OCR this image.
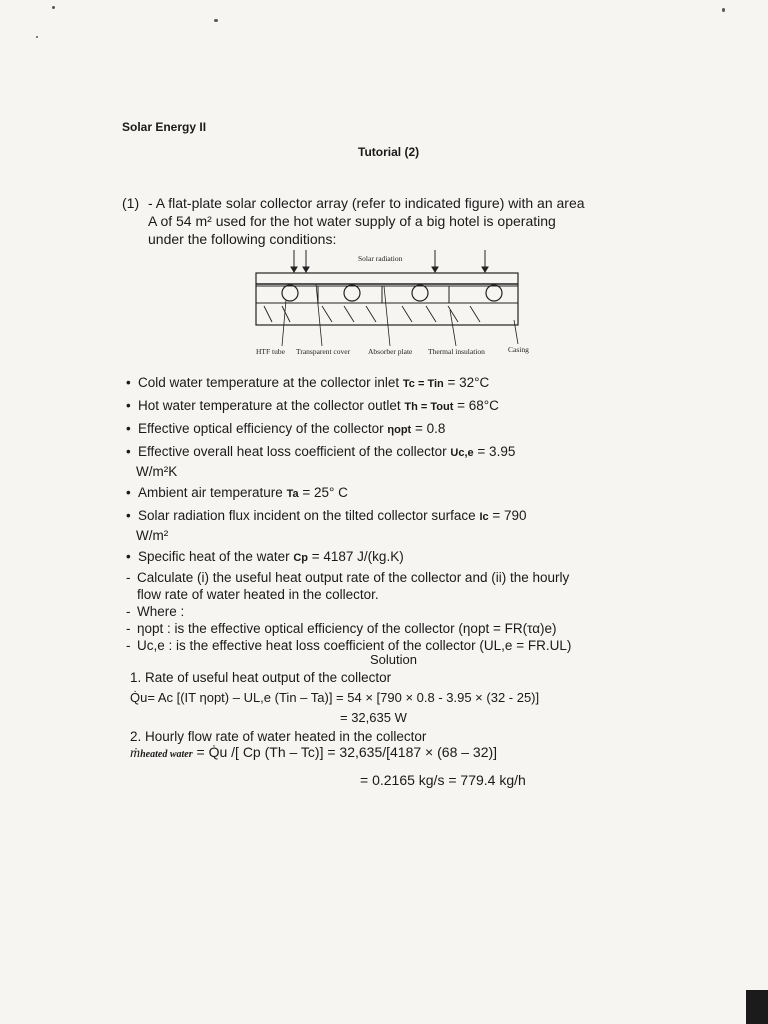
Solar Energy II
Tutorial (2)
(1) - A flat-plate solar collector array (refer to indicated figure) with an area A of 54 m² used for the hot water supply of a big hotel is operating under the following conditions:
Solar radiation
HTF tube Transparent cover Absorber plate Thermal insulation	Casing
• Cold water temperature at the collector inlet Tc = Tin = 32°C
• Hot water temperature at the collector outlet Th = Tout = 68°C
• Effective optical efficiency of the collector ηopt = 0.8
• Effective overall heat loss coefficient of the collector Uc,e = 3.95
W/m²K
• Ambient air temperature Ta = 25° C
• Solar radiation flux incident on the tilted collector surface Ic = 790
W/m²
• Specific heat of the water Cp = 4187 J/(kg.K)
- Calculate (i) the useful heat output rate of the collector and (ii) the hourly flow rate of water heated in the collector.
- Where :
- ηopt : is the effective optical efficiency of the collector (ηopt = FR(τα)e)
- Uc,e : is the effective heat loss coefficient of the collector (UL,e = FR.UL)
Solution
1. Rate of useful heat output of the collector
Q̇u= Ac [(IT ηopt) – UL,e (Tin – Ta)] = 54 × [790 × 0.8 - 3.95 × (32 - 25)]
= 32,635 W
2. Hourly flow rate of water heated in the collector
ṁheated water = Q̇u /[ Cp (Th – Tc)] = 32,635/[4187 × (68 – 32)]
= 0.2165 kg/s = 779.4 kg/h
